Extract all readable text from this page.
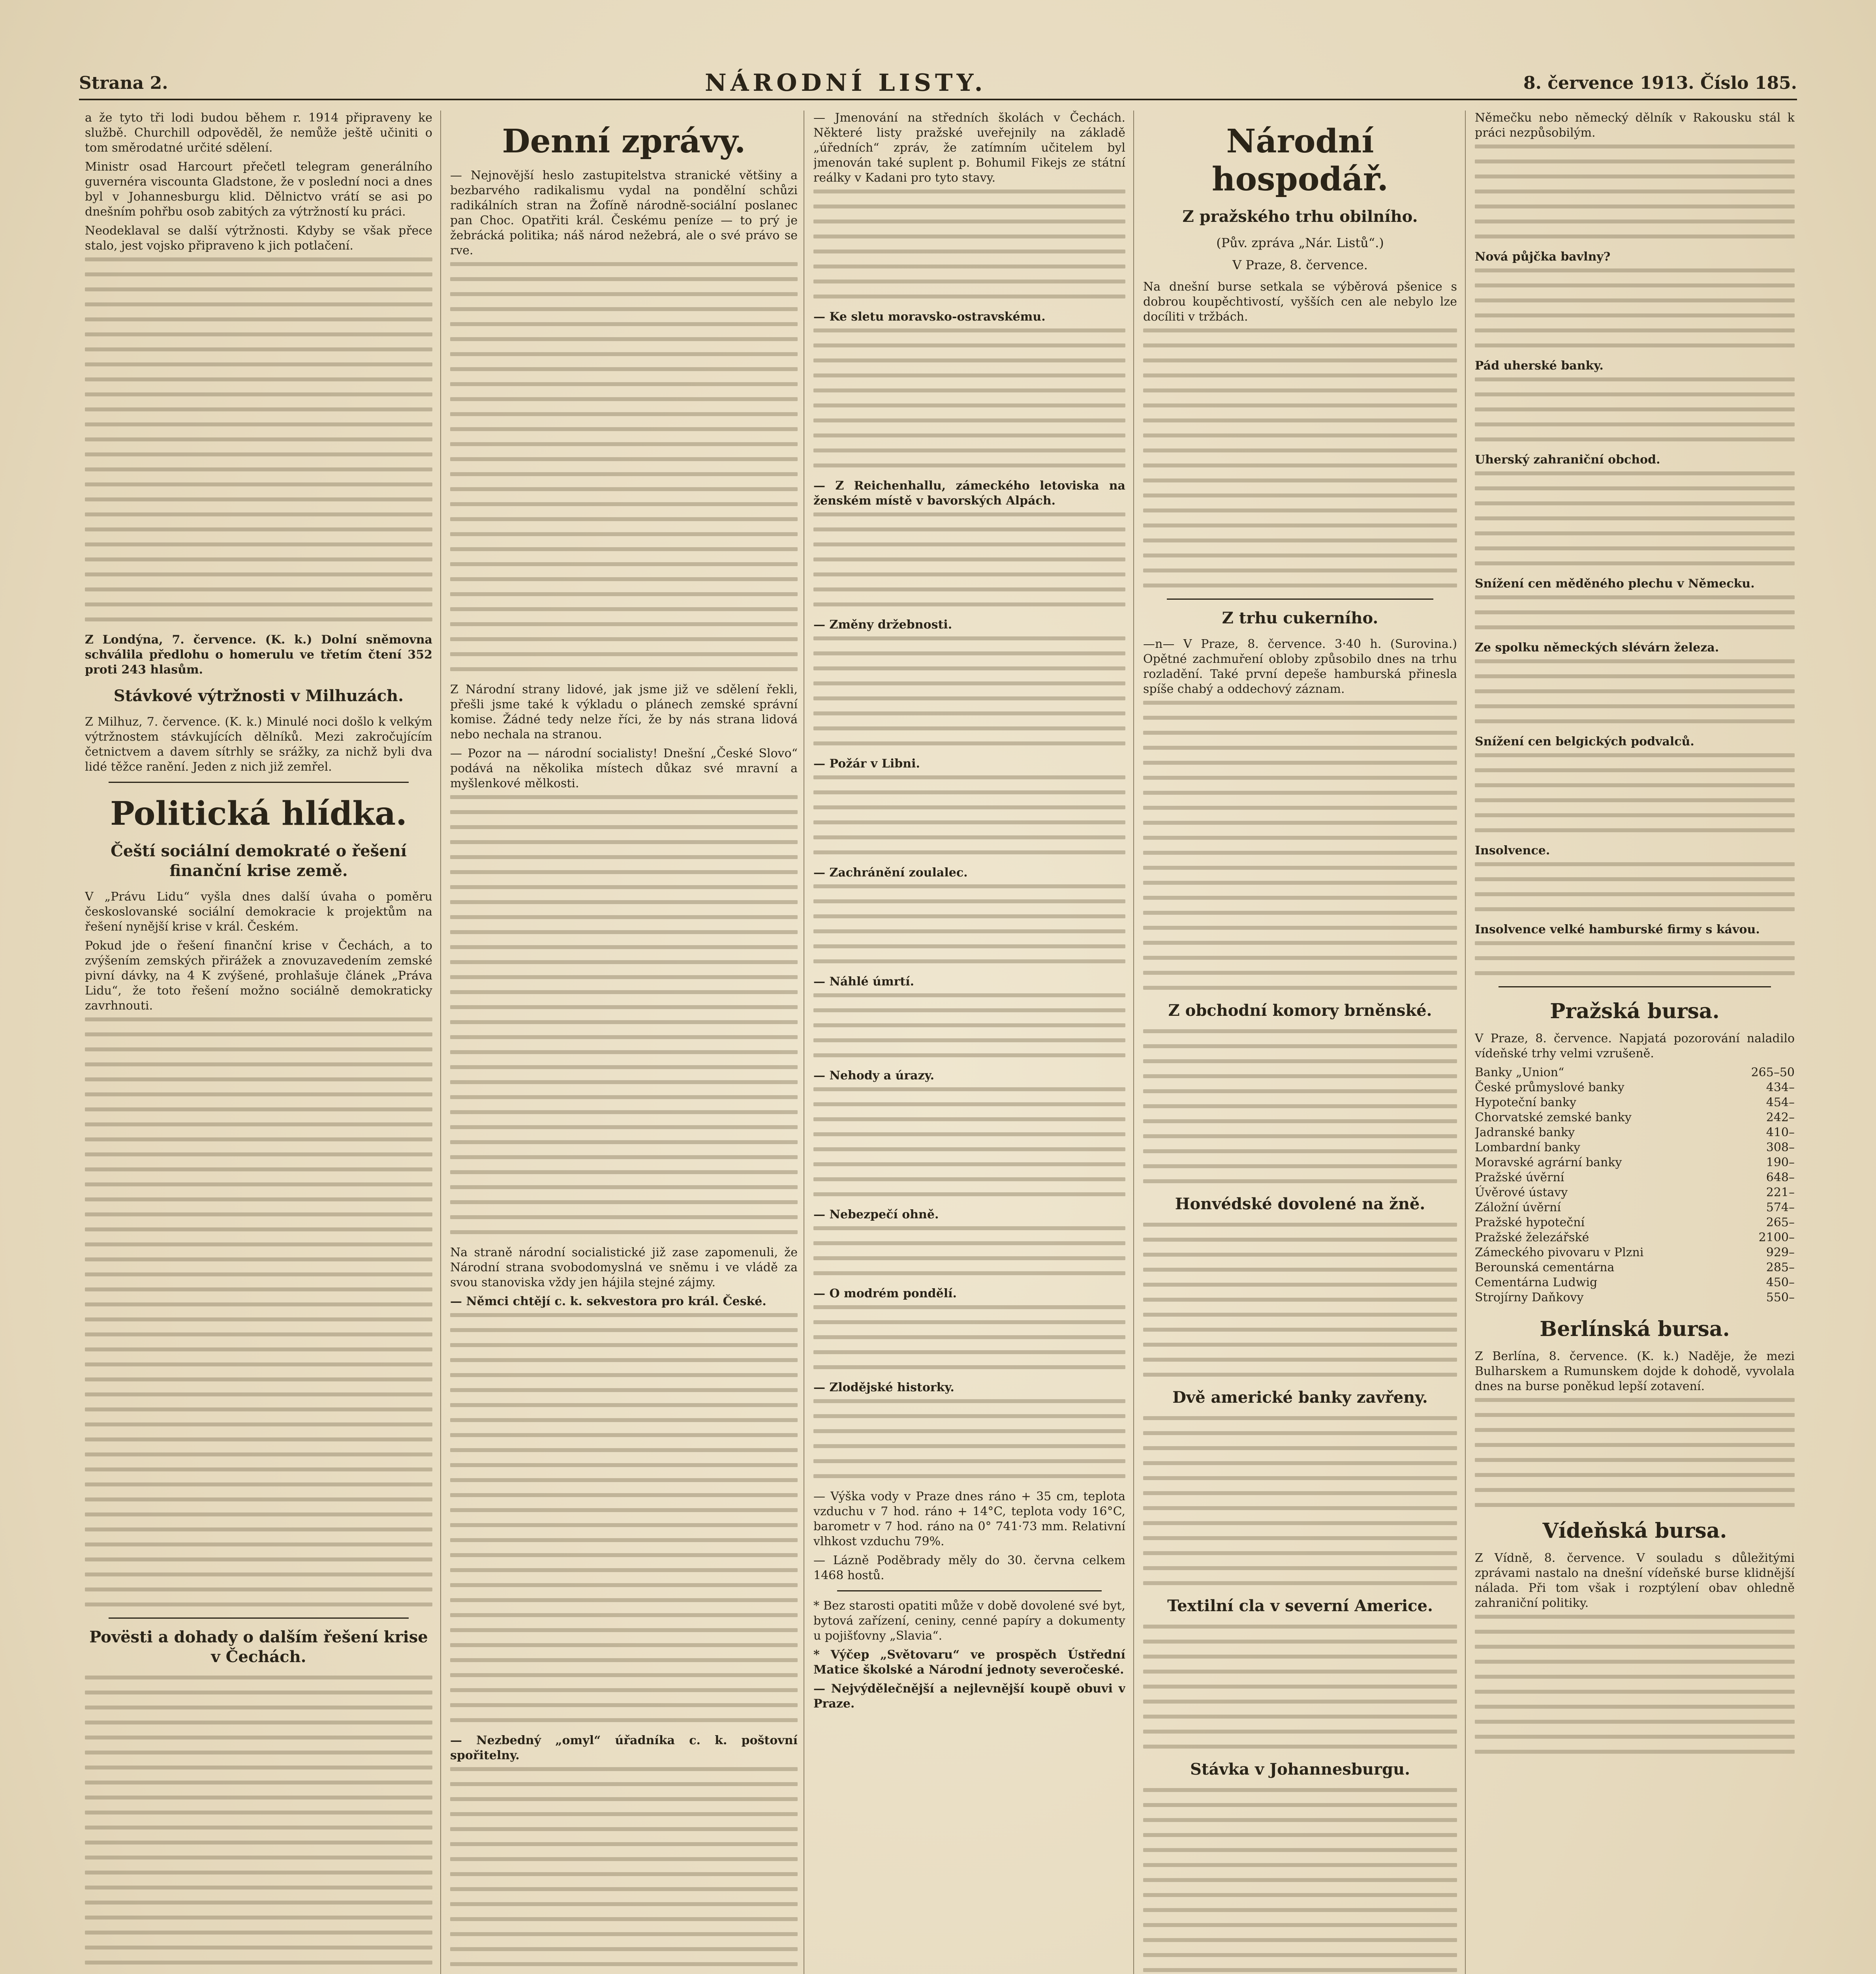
Strana 2.	NÁRODNÍ LISTY.	8. července 1913. Číslo 185.

a že tyto tři lodi budou během r. 1914 připraveny ke službě. Churchill odpověděl, že nemůže ještě učiniti o tom směrodatné určité sdělení.

Ministr osad Harcourt přečetl telegram generálního guvernéra viscounta Gladstone, že v poslední noci a dnes byl v Johannesburgu klid. Dělnictvo vrátí se asi po dnešním pohřbu osob zabitých za výtržností ku práci.

Neodeklaval se další výtržnosti. Kdyby se však přece stalo, jest vojsko připraveno k jich potlačení.

Z Londýna, 7. července. (K. k.) Dolní sněmovna schválila předlohu o homerulu ve třetím čtení 352 proti 243 hlasům.

Stávkové výtržnosti v Milhuzách.

Z Milhuz, 7. července. (K. k.) Minulé noci došlo k velkým výtržnostem stávkujících dělníků. Mezi zakročujícím četnictvem a davem sítrhly se srážky, za nichž byli dva lidé těžce ranění. Jeden z nich již zemřel.

Politická hlídka.
Čeští sociální demokraté o řešení finanční krise země.

V „Právu Lidu“ vyšla dnes další úvaha o poměru českoslovanské sociální demokracie k projektům na řešení nynější krise v král. Českém.

Pokud jde o řešení finanční krise v Čechách, a to zvýšením zemských přirážek a znovuzavedením zemské pivní dávky, na 4 K zvýšené, prohlašuje článek „Práva Lidu“, že toto řešení možno sociálně demokraticky zavrhnouti.

Povësti a dohady o dalším řešení krise v Čechách.
Denní zprávy.

— Nejnovější heslo zastupitelstva stranické většiny a bezbarvého radikalismu vydal na pondělní schůzi radikálních stran na Žofíně národně-sociální poslanec pan Choc. Opatřiti král. Českému peníze — to prý je žebrácká politika; náš národ nežebrá, ale o své právo se rve.

Z Národní strany lidové, jak jsme již ve sdělení řekli, přešli jsme také k výkladu o plánech zemské správní komise. Žádné tedy nelze říci, že by nás strana lidová nebo nechala na stranou.

— Pozor na — národní socialisty! Dnešní „České Slovo“ podává na několika místech důkaz své mravní a myšlenkové mělkosti.

Na straně národní socialistické již zase zapomenuli, že Národní strana svobodomyslná ve sněmu i ve vládě za svou stanoviska vždy jen hájila stejné zájmy.

— Němci chtějí c. k. sekvestora pro král. České.

— Nezbedný „omyl“ úřadníka c. k. poštovní spořitelny.

— Jmenování na středních školách v Čechách. Některé listy pražské uveřejnily na základě „úředních“ zpráv, že zatímním učitelem byl jmenován také suplent p. Bohumil Fikejs ze státní reálky v Kadani pro tyto stavy.

— Ke sletu moravsko-ostravskému.

— Z Reichenhallu, zámeckého letoviska na ženském místě v bavorských Alpách.

— Změny držebnosti.

— Požár v Libni.

— Zachránění zoulalec.

— Náhlé úmrtí.

— Nehody a úrazy.

— Nebezpečí ohně.

— O modrém pondělí.

— Zlodějské historky.

— Výška vody v Praze dnes ráno + 35 cm, teplota vzduchu v 7 hod. ráno + 14°C, teplota vody 16°C, barometr v 7 hod. ráno na 0° 741·73 mm. Relativní vlhkost vzduchu 79%.

— Lázně Poděbrady měly do 30. června celkem 1468 hostů.

* Bez starosti opatiti může v době dovolené své byt, bytová zařízení, ceniny, cenné papíry a dokumenty u pojišťovny „Slavia“.

* Výčep „Světovaru“ ve prospěch Ústřední Matice školské a Národní jednoty severočeské.

— Nejvýdělečnější a nejlevnější koupě obuvi v Praze.

Národní hospodář.
Z pražského trhu obilního.
(Pův. zpráva „Nár. Listů“.)
V Praze, 8. července.

Na dnešní burse setkala se výběrová pšenice s dobrou koupěchtivostí, vyšších cen ale nebylo lze docíliti v tržbách.

Z trhu cukerního.

—n— V Praze, 8. července. 3·40 h. (Surovina.) Opětné zachmuření obloby způsobilo dnes na trhu rozladění. Také první depeše hamburská přinesla spíše chabý a oddechový záznam.

Z obchodní komory brněnské.
Honvédské dovolené na žně.
Dvě americké banky zavřeny.
Textilní cla v severní Americe.
Stávka v Johannesburgu.

Němečku nebo německý dělník v Rakousku stál k práci nezpůsobilým.

Nová půjčka bavlny?

Pád uherské banky.

Uherský zahraniční obchod.

Snížení cen měděného plechu v Německu.

Ze spolku německých slévárn železa.

Snížení cen belgických podvalců.

Insolvence.

Insolvence velké hamburské firmy s kávou.

Pražská bursa.

V Praze, 8. července. Napjatá pozorování naladilo vídeňské trhy velmi vzrušeně.

Banky „Union“	265–50
České průmyslové banky	434–
Hypoteční banky	454–
Chorvatské zemské banky	242–
Jadranské banky	410–
Lombardní banky	308–
Moravské agrární banky	190–
Pražské úvěrní	648–
Úvěrové ústavy	221–
Záložní úvěrní	574–
Pražské hypoteční	265–
Pražské železářské	2100–
Zámeckého pivovaru v Plzni	929–
Berounská cementárna	285–
Cementárna Ludwig	450–
Strojírny Daňkovy	550–
Berlínská bursa.

Z Berlína, 8. července. (K. k.) Naděje, že mezi Bulharskem a Rumunskem dojde k dohodě, vyvolala dnes na burse poněkud lepší zotavení.

Vídeňská bursa.

Z Vídně, 8. července. V souladu s důležitými zprávami nastalo na dnešní vídeňské burse klidnější nálada. Při tom však i rozptýlení obav ohledně zahraniční politiky.
